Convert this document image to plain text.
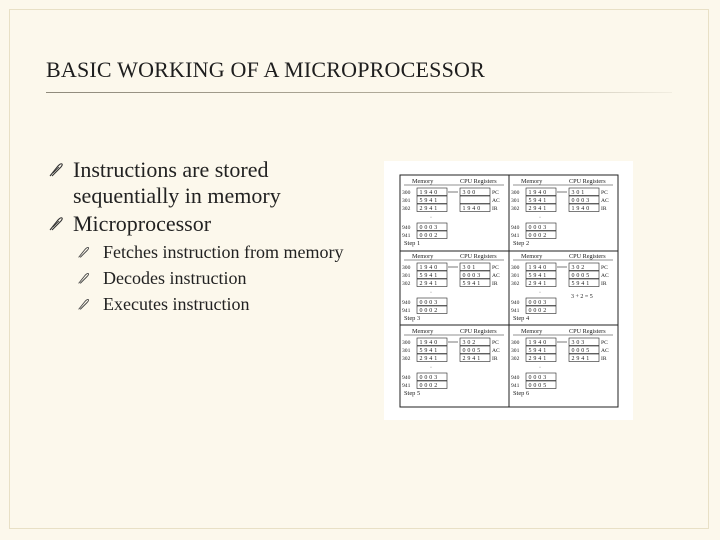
BASIC WORKING OF A MICROPROCESSOR
Instructions are stored
sequentially in memory
Microprocessor
Fetches instruction from memory
Decodes instruction
Executes instruction
Memory	CPU Registers
300 1 9 4 0
301 5 9 4 1
302 2 9 4 1
940 0 0 0 3
941 0 0 0 2
·
3 0 0	PC
AC
1 9 4 0 IR
Step 1
Memory	CPU Registers
300 1 9 4 0
301 5 9 4 1
302 2 9 4 1
940 0 0 0 3
941 0 0 0 2
·
3 0 1	PC
0 0 0 3 AC
1 9 4 0 IR
Step 2
Memory	CPU Registers
300 1 9 4 0
301 5 9 4 1
302 2 9 4 1
940 0 0 0 3
941 0 0 0 2
·
3 0 1	PC
0 0 0 3 AC
5 9 4 1 IR
Step 3
Memory	CPU Registers
300 1 9 4 0
301 5 9 4 1
302 2 9 4 1
940 0 0 0 3
941 0 0 0 2
·
3 0 2	PC
0 0 0 5 AC
5 9 4 1 IR
3 + 2 = 5
Step 4
Memory	CPU Registers
300 1 9 4 0
301 5 9 4 1
302 2 9 4 1
940 0 0 0 3
941 0 0 0 2
·
3 0 2	PC
0 0 0 5 AC
2 9 4 1 IR
Step 5
Memory	CPU Registers
300 1 9 4 0
301 5 9 4 1
302 2 9 4 1
940 0 0 0 3
941 0 0 0 5
·
3 0 3	PC
0 0 0 5 AC
2 9 4 1 IR
Step 6
